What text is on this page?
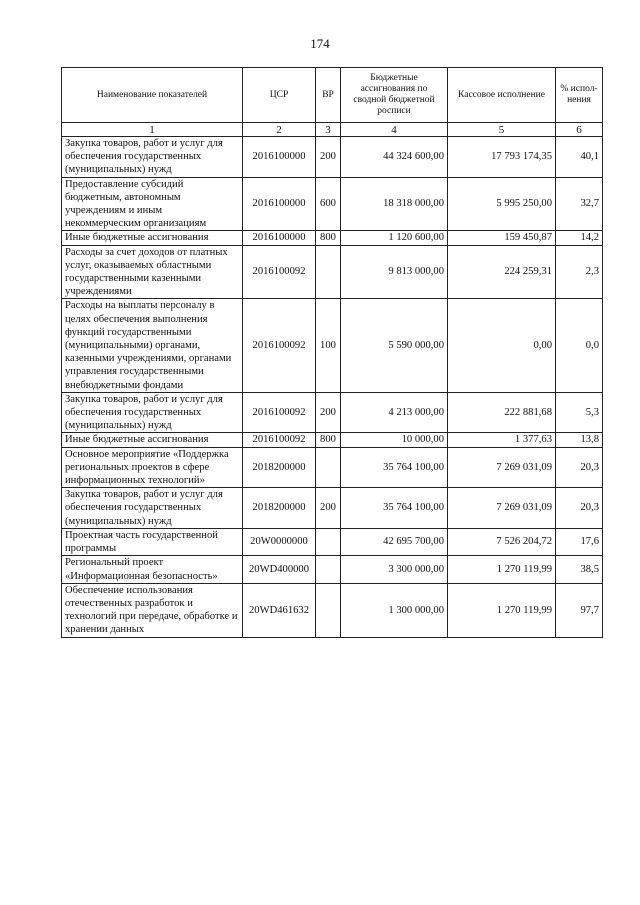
174
Наименование показателей	ЦСР	ВР	Бюджетные ассигнования по сводной бюджетной росписи	Кассовое исполнение	% испол-нения
1	2	3	4	5	6
Закупка товаров, работ и услуг для обеспечения государственных (муниципальных) нужд	2016100000	200	44 324 600,00	17 793 174,35	40,1
Предоставление субсидий бюджетным, автономным учреждениям и иным некоммерческим организациям	2016100000	600	18 318 000,00	5 995 250,00	32,7
Иные бюджетные ассигнования	2016100000	800	1 120 600,00	159 450,87	14,2
Расходы за счет доходов от платных услуг, оказываемых областными государственными казенными учреждениями	2016100092		9 813 000,00	224 259,31	2,3
Расходы на выплаты персоналу в целях обеспечения выполнения функций государственными (муниципальными) органами, казенными учреждениями, органами управления государственными внебюджетными фондами	2016100092	100	5 590 000,00	0,00	0,0
Закупка товаров, работ и услуг для обеспечения государственных (муниципальных) нужд	2016100092	200	4 213 000,00	222 881,68	5,3
Иные бюджетные ассигнования	2016100092	800	10 000,00	1 377,63	13,8
Основное мероприятие «Поддержка региональных проектов в сфере информационных технологий»	2018200000		35 764 100,00	7 269 031,09	20,3
Закупка товаров, работ и услуг для обеспечения государственных (муниципальных) нужд	2018200000	200	35 764 100,00	7 269 031,09	20,3
Проектная часть государственной программы	20W0000000		42 695 700,00	7 526 204,72	17,6
Региональный проект «Информационная безопасность»	20WD400000		3 300 000,00	1 270 119,99	38,5
Обеспечение использования отечественных разработок и технологий при передаче, обработке и хранении данных	20WD461632		1 300 000,00	1 270 119,99	97,7
